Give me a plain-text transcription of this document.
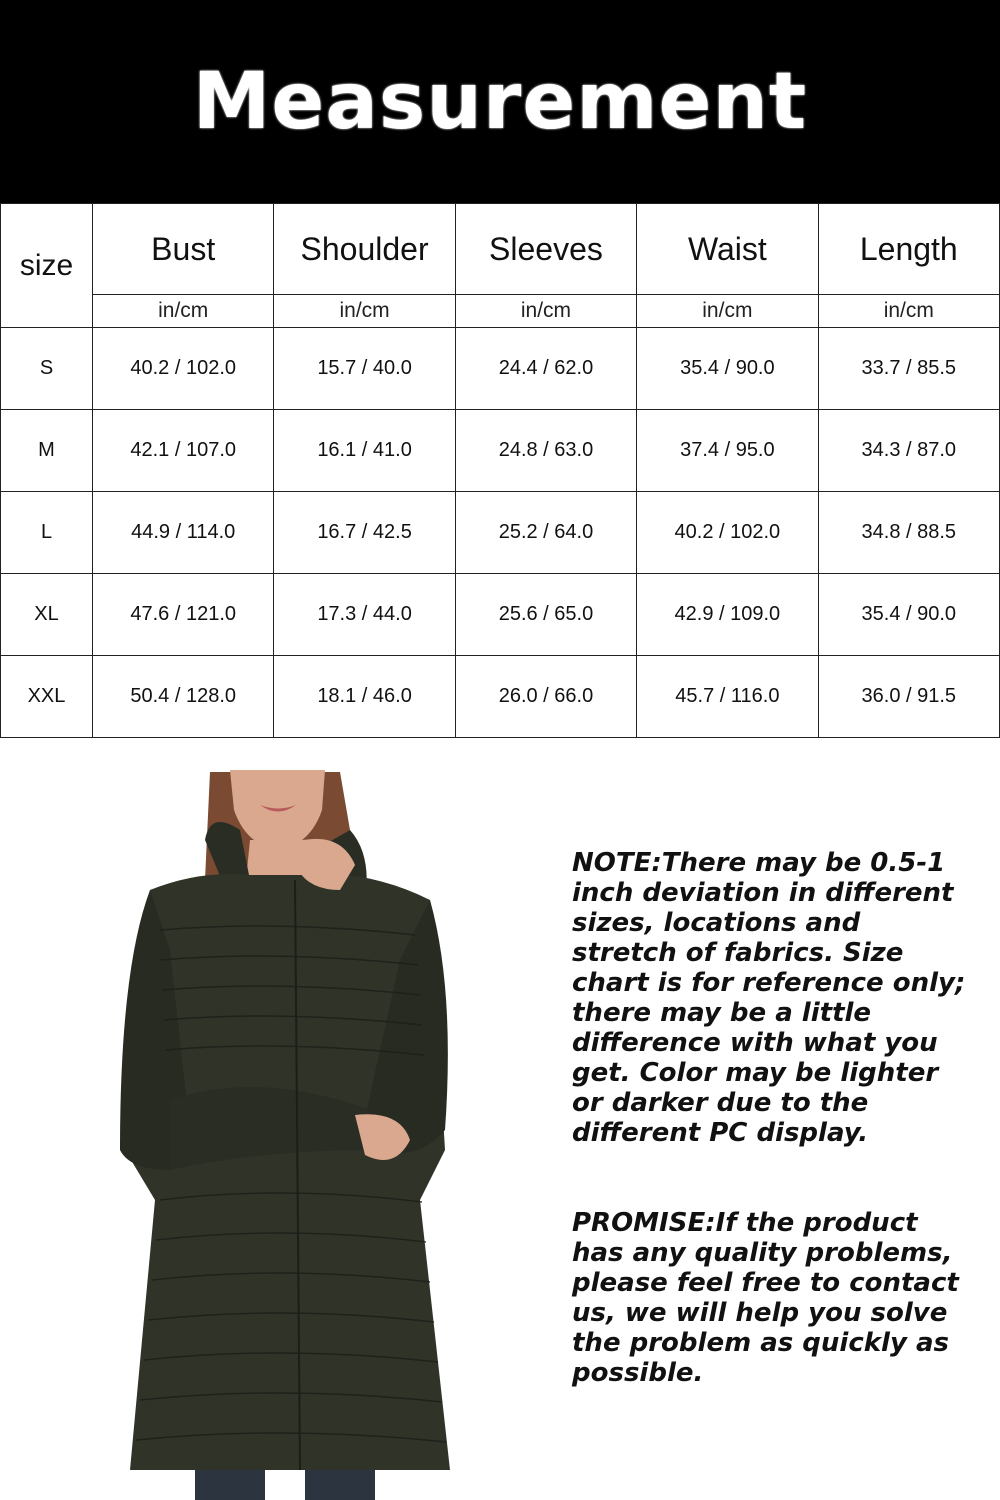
Measurement
size	Bust	Shoulder	Sleeves	Waist	Length
	in/cm	in/cm	in/cm	in/cm	in/cm
S	40.2 / 102.0	15.7 / 40.0	24.4 / 62.0	35.4 / 90.0	33.7 / 85.5
M	42.1 / 107.0	16.1 / 41.0	24.8 / 63.0	37.4 / 95.0	34.3 / 87.0
L	44.9 / 114.0	16.7 / 42.5	25.2 / 64.0	40.2 / 102.0	34.8 / 88.5
XL	47.6 / 121.0	17.3 / 44.0	25.6 / 65.0	42.9 / 109.0	35.4 / 90.0
XXL	50.4 / 128.0	18.1 / 46.0	26.0 / 66.0	45.7 / 116.0	36.0 / 91.5

NOTE:There may be 0.5-1 inch deviation in different sizes, locations and stretch of fabrics. Size chart is for reference only; there may be a little difference with what you get. Color may be lighter or darker due to the different PC display.

PROMISE:If the product has any quality problems, please feel free to contact us, we will help you solve the problem as quickly as possible.
